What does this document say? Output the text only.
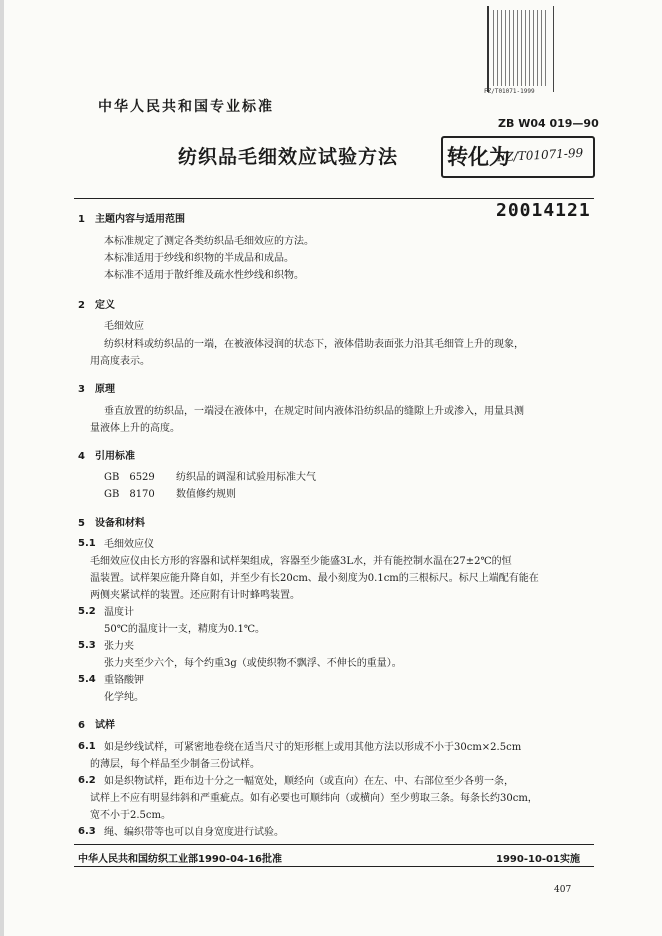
FZ/T01071-1999
中华人民共和国专业标准
ZB W04 019—90
纺织品毛细效应试验方法 转化为
FZ/T01071-99
20014121
1　主题内容与适用范围
本标准规定了测定各类纺织品毛细效应的方法。
本标准适用于纱线和织物的半成品和成品。
本标准不适用于散纤维及疏水性纱线和织物。
2　定义
毛细效应
纺织材料或纺织品的一端，在被液体浸润的状态下，液体借助表面张力沿其毛细管上升的现象，
用高度表示。
3　原理
垂直放置的纺织品，一端浸在液体中，在规定时间内液体沿纺织品的缝隙上升或渗入，用量具测
量液体上升的高度。
4　引用标准
GB　6529 纺织品的调湿和试验用标准大气
GB　8170 数值修约规则
5　设备和材料
5.1 毛细效应仪
毛细效应仪由长方形的容器和试样架组成，容器至少能盛3L水，并有能控制水温在27±2℃的恒
温装置。试样架应能升降自如，并至少有长20cm、最小刻度为0.1cm的三根标尺。标尺上端配有能在
两侧夹紧试样的装置。还应附有计时蜂鸣装置。
5.2 温度计
50℃的温度计一支，精度为0.1℃。
5.3 张力夹
张力夹至少六个，每个约重3g（或使织物不飘浮、不伸长的重量）。
5.4 重铬酸钾
化学纯。
6　试样
6.1 如是纱线试样，可紧密地卷绕在适当尺寸的矩形框上或用其他方法以形成不小于30cm×2.5cm
的薄层，每个样品至少制备三份试样。
6.2 如是织物试样，距布边十分之一幅宽处，顺经向（或直向）在左、中、右部位至少各剪一条，
试样上不应有明显纬斜和严重疵点。如有必要也可顺纬向（或横向）至少剪取三条。每条长约30cm，
宽不小于2.5cm。
6.3 绳、编织带等也可以自身宽度进行试验。
中华人民共和国纺织工业部1990-04-16批准	1990-10-01实施
407
